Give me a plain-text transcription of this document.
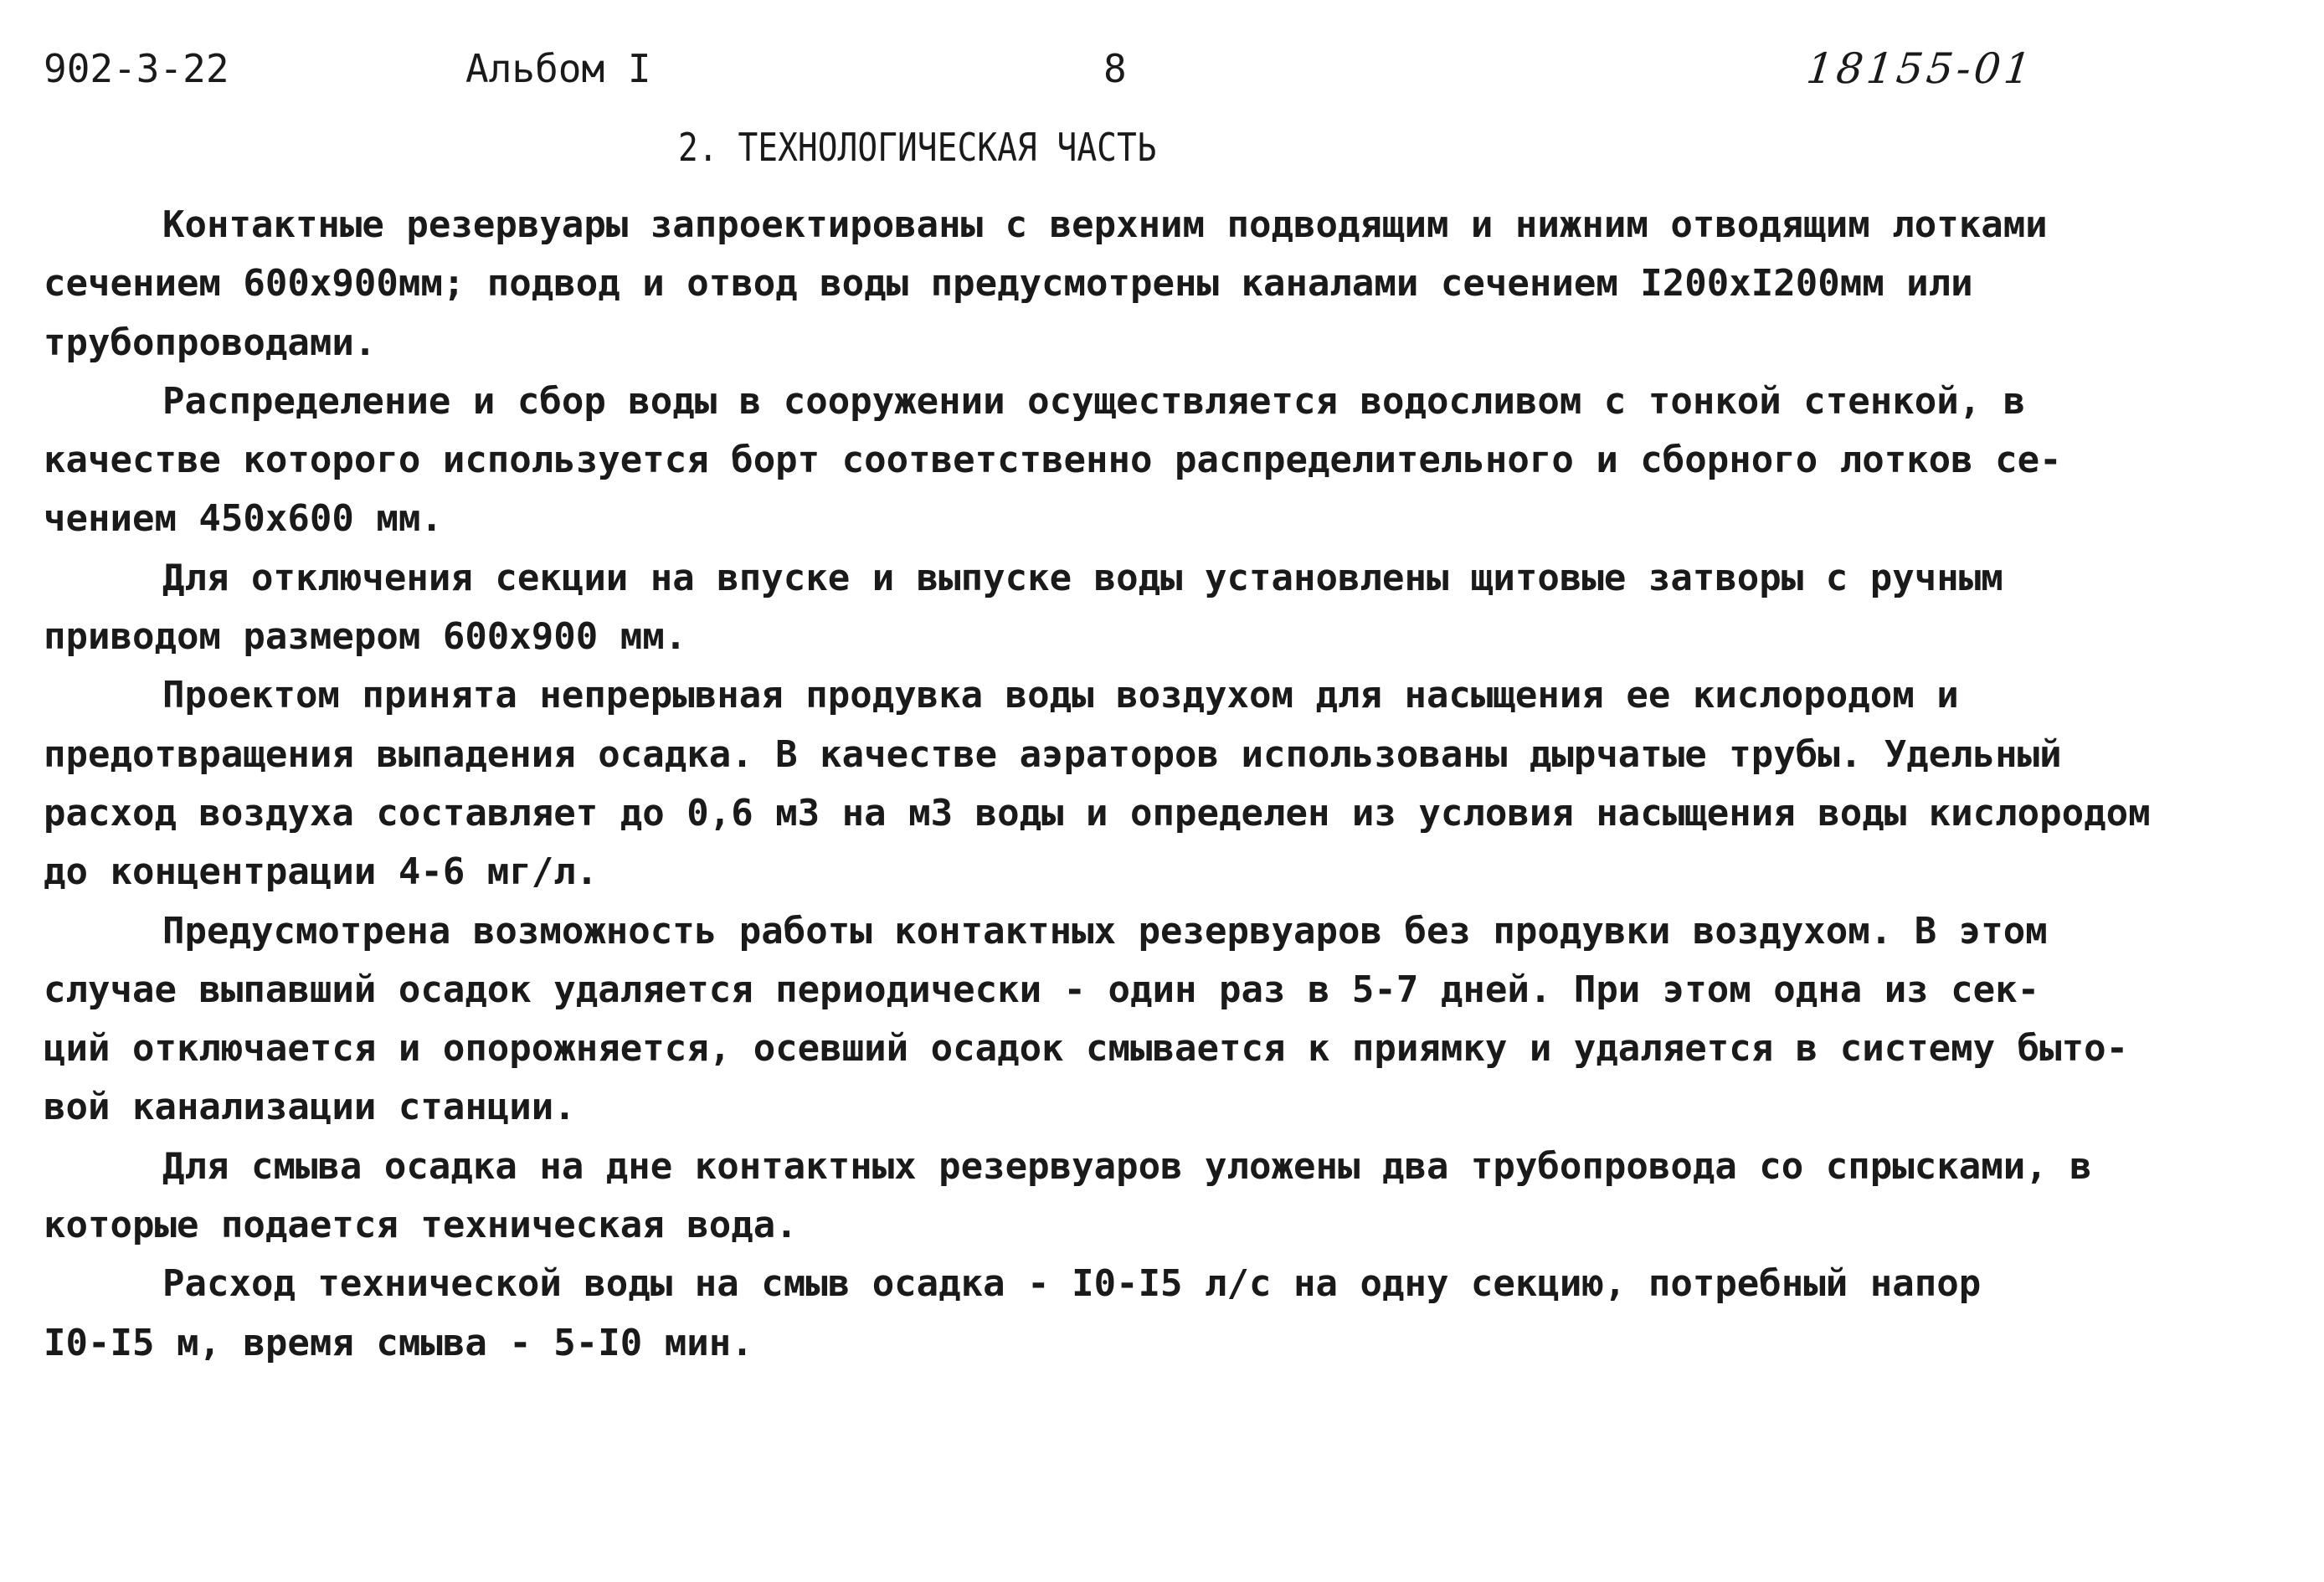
902-3-22	Альбом I	8	18155-01
2. ТЕХНОЛОГИЧЕСКАЯ ЧАСТЬ

Контактные резервуары запроектированы с верхним подводящим и нижним отводящим лотками
сечением 600х900мм; подвод и отвод воды предусмотрены каналами сечением I200хI200мм или
трубопроводами.

Распределение и сбор воды в сооружении осуществляется водосливом с тонкой стенкой, в
качестве которого используется борт соответственно распределительного и сборного лотков се-
чением 450х600 мм.

Для отключения секции на впуске и выпуске воды установлены щитовые затворы с ручным
приводом размером 600х900 мм.

Проектом принята непрерывная продувка воды воздухом для насыщения ее кислородом и
предотвращения выпадения осадка. В качестве аэраторов использованы дырчатые трубы. Удельный
расход воздуха составляет до 0,6 м3 на м3 воды и определен из условия насыщения воды кислородом
до концентрации 4-6 мг/л.

Предусмотрена возможность работы контактных резервуаров без продувки воздухом. В этом
случае выпавший осадок удаляется периодически - один раз в 5-7 дней. При этом одна из сек-
ций отключается и опорожняется, осевший осадок смывается к приямку и удаляется в систему быто-
вой канализации станции.

Для смыва осадка на дне контактных резервуаров уложены два трубопровода со спрысками, в
которые подается техническая вода.

Расход технической воды на смыв осадка - I0-I5 л/с на одну секцию, потребный напор
I0-I5 м, время смыва - 5-I0 мин.
